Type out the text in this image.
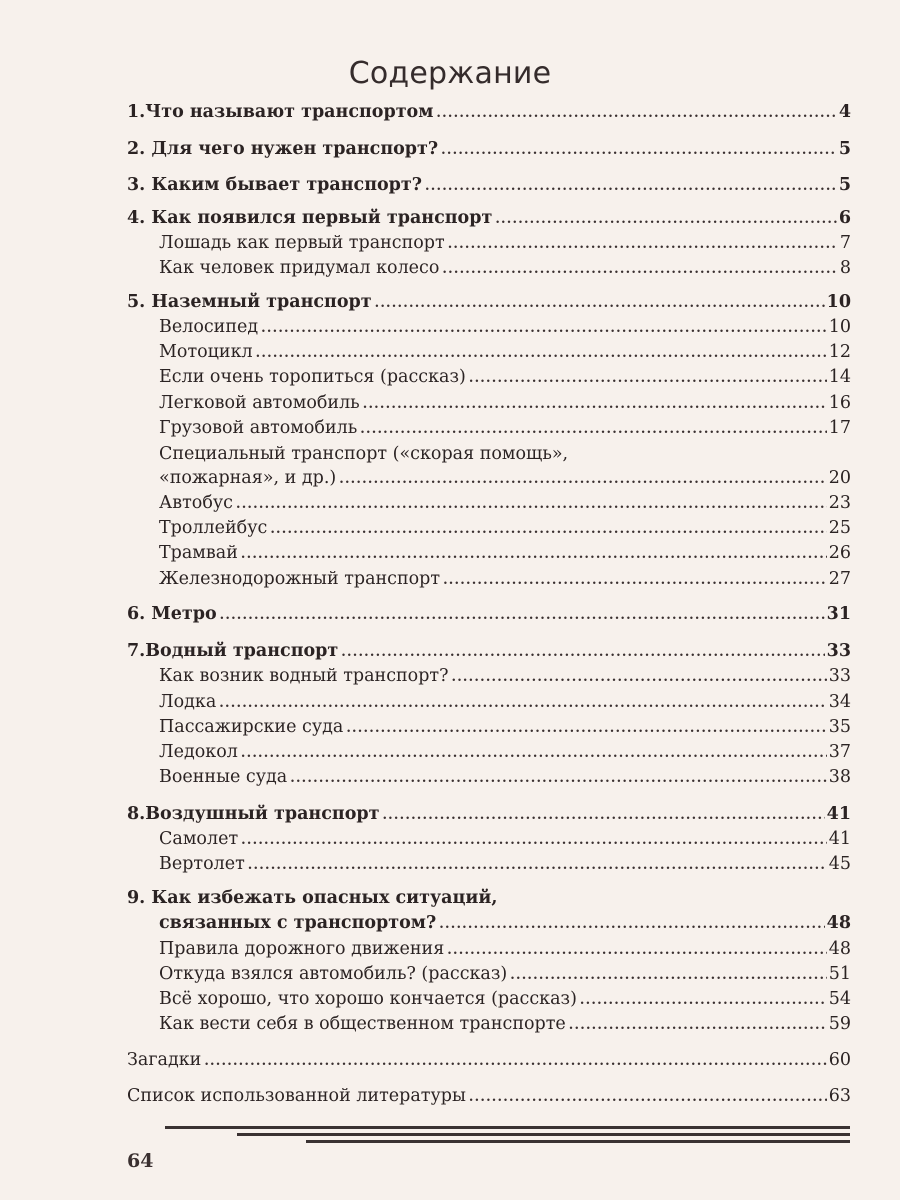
Содержание
1.Что называют транспортом .....	4
2. Для чего нужен транспорт? .....	5
3. Каким бывает транспорт? .....	5
4. Как появился первый транспорт .....	6
Лошадь как первый транспорт .....	7
Как человек придумал колесо .....	8
5. Наземный транспорт .....	10
Велосипед .....	10
Мотоцикл .....	12
Если очень торопиться (рассказ) .....	14
Легковой автомобиль .....	16
Грузовой автомобиль .....	17
Специальный транспорт («скорая помощь»,
«пожарная», и др.) .....	20
Автобус .....	23
Троллейбус .....	25
Трамвай .....	26
Железнодорожный транспорт .....	27
6. Метро .....	31
7.Водный транспорт .....	33
Как возник водный транспорт? .....	33
Лодка .....	34
Пассажирские суда .....	35
Ледокол .....	37
Военные суда .....	38
8.Воздушный транспорт .....	41
Самолет .....	41
Вертолет .....	45
9. Как избежать опасных ситуаций,
связанных с транспортом? .....	48
Правила дорожного движения .....	48
Откуда взялся автомобиль? (рассказ) .....	51
Всё хорошо, что хорошо кончается (рассказ) .....	54
Как вести себя в общественном транспорте .....	59
Загадки .....	60
Список использованной литературы .....	63
64
